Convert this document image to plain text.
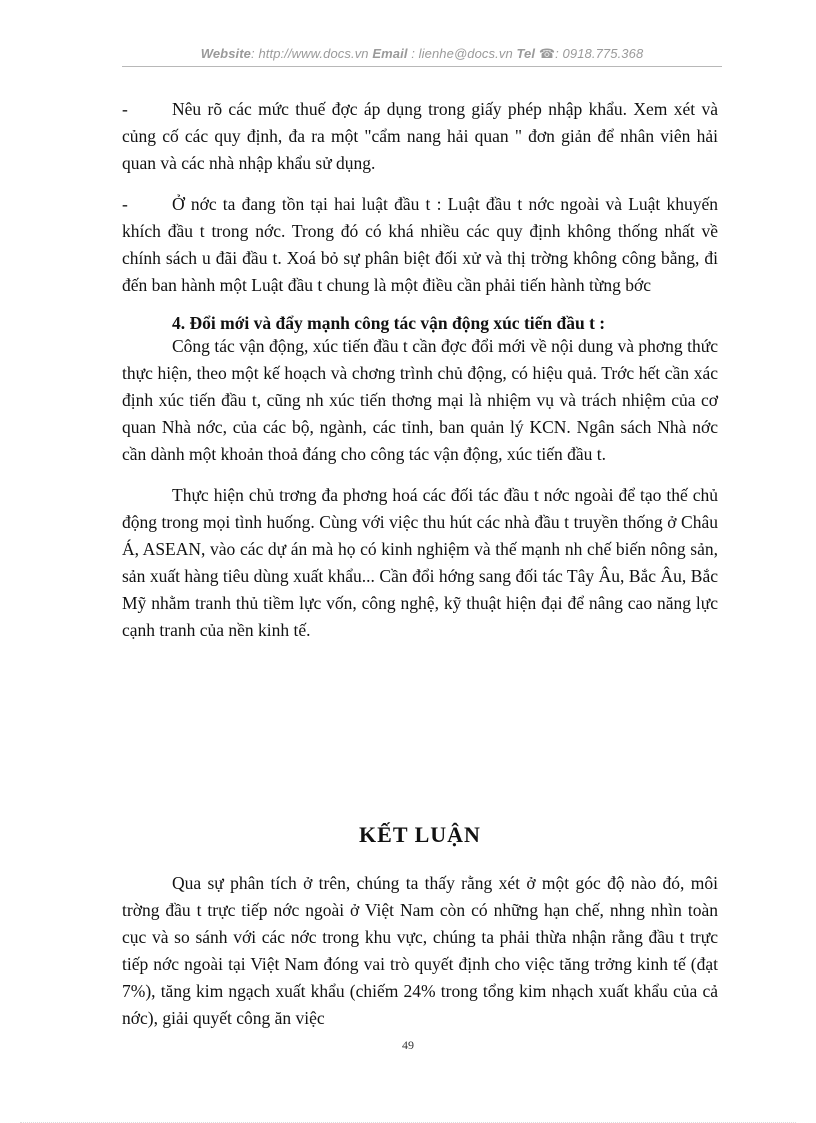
Website: http://www.docs.vn Email : lienhe@docs.vn Tel ☎: 0918.775.368

-	Nêu rõ các mức thuế đợc áp dụng trong giấy phép nhập khẩu. Xem xét và củng cố các quy định, đa ra một "cẩm nang hải quan " đơn giản để nhân viên hải quan và các nhà nhập khẩu sử dụng.

-	Ở nớc ta đang tồn tại hai luật đầu t : Luật đầu t nớc ngoài và Luật khuyến khích đầu t trong nớc. Trong đó có khá nhiều các quy định không thống nhất về chính sách u đãi đầu t. Xoá bỏ sự phân biệt đối xử và thị trờng không công bằng, đi đến ban hành một Luật đầu t chung là một điều cần phải tiến hành từng bớc

4. Đổi mới và đẩy mạnh công tác vận động xúc tiến đầu t :

Công tác vận động, xúc tiến đầu t cần đợc đổi mới về nội dung và phơng thức thực hiện, theo một kế hoạch và chơng trình chủ động, có hiệu quả. Trớc hết cần xác định xúc tiến đầu t, cũng nh xúc tiến thơng mại là nhiệm vụ và trách nhiệm của cơ quan Nhà nớc, của các bộ, ngành, các tỉnh, ban quản lý KCN. Ngân sách Nhà nớc cần dành một khoản thoả đáng cho công tác vận động, xúc tiến đầu t.

Thực hiện chủ trơng đa phơng hoá các đối tác đầu t nớc ngoài để tạo thế chủ động trong mọi tình huống. Cùng với việc thu hút các nhà đầu t truyền thống ở Châu Á, ASEAN, vào các dự án mà họ có kinh nghiệm và thế mạnh nh chế biến nông sản, sản xuất hàng tiêu dùng xuất khẩu... Cần đổi hớng sang đối tác Tây Âu, Bắc Âu, Bắc Mỹ nhằm tranh thủ tiềm lực vốn, công nghệ, kỹ thuật hiện đại để nâng cao năng lực cạnh tranh của nền kinh tế.

KẾT LUẬN

Qua sự phân tích ở trên, chúng ta thấy rằng xét ở một góc độ nào đó, môi trờng đầu t trực tiếp nớc ngoài ở Việt Nam còn có những hạn chế, nhng nhìn toàn cục và so sánh với các nớc trong khu vực, chúng ta phải thừa nhận rằng đầu t trực tiếp nớc ngoài tại Việt Nam đóng vai trò quyết định cho việc tăng trởng kinh tế (đạt 7%), tăng kim ngạch xuất khẩu (chiếm 24% trong tổng kim nhạch xuất khẩu của cả nớc), giải quyết công ăn việc

49
